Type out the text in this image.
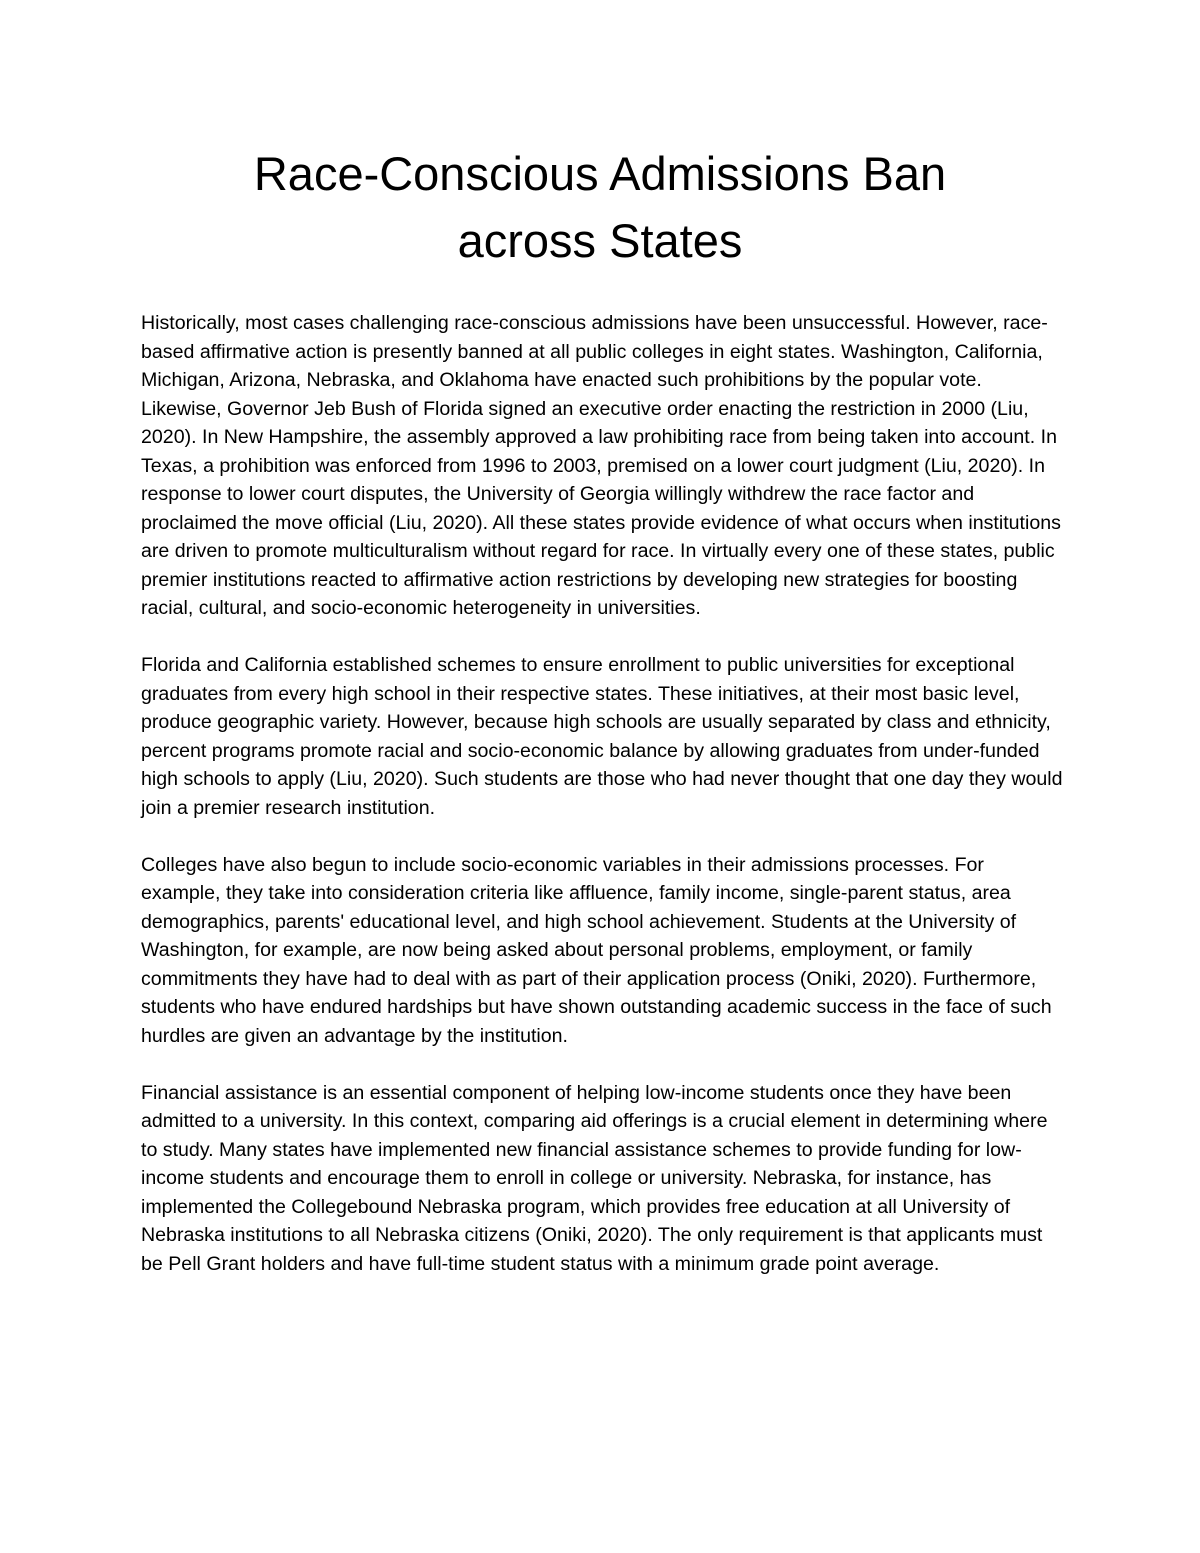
Race-Conscious Admissions Ban
across States

Historically, most cases challenging race-conscious admissions have been unsuccessful. However, race-based affirmative action is presently banned at all public colleges in eight states. Washington, California, Michigan, Arizona, Nebraska, and Oklahoma have enacted such prohibitions by the popular vote. Likewise, Governor Jeb Bush of Florida signed an executive order enacting the restriction in 2000 (Liu, 2020). In New Hampshire, the assembly approved a law prohibiting race from being taken into account. In Texas, a prohibition was enforced from 1996 to 2003, premised on a lower court judgment (Liu, 2020). In response to lower court disputes, the University of Georgia willingly withdrew the race factor and proclaimed the move official (Liu, 2020). All these states provide evidence of what occurs when institutions are driven to promote multiculturalism without regard for race. In virtually every one of these states, public premier institutions reacted to affirmative action restrictions by developing new strategies for boosting racial, cultural, and socio-economic heterogeneity in universities.

Florida and California established schemes to ensure enrollment to public universities for exceptional graduates from every high school in their respective states. These initiatives, at their most basic level, produce geographic variety. However, because high schools are usually separated by class and ethnicity, percent programs promote racial and socio-economic balance by allowing graduates from under-funded high schools to apply (Liu, 2020). Such students are those who had never thought that one day they would join a premier research institution.

Colleges have also begun to include socio-economic variables in their admissions processes. For example, they take into consideration criteria like affluence, family income, single-parent status, area demographics, parents' educational level, and high school achievement. Students at the University of Washington, for example, are now being asked about personal problems, employment, or family commitments they have had to deal with as part of their application process (Oniki, 2020). Furthermore, students who have endured hardships but have shown outstanding academic success in the face of such hurdles are given an advantage by the institution.

Financial assistance is an essential component of helping low-income students once they have been admitted to a university. In this context, comparing aid offerings is a crucial element in determining where to study. Many states have implemented new financial assistance schemes to provide funding for low-income students and encourage them to enroll in college or university. Nebraska, for instance, has implemented the Collegebound Nebraska program, which provides free education at all University of Nebraska institutions to all Nebraska citizens (Oniki, 2020). The only requirement is that applicants must be Pell Grant holders and have full-time student status with a minimum grade point average.
